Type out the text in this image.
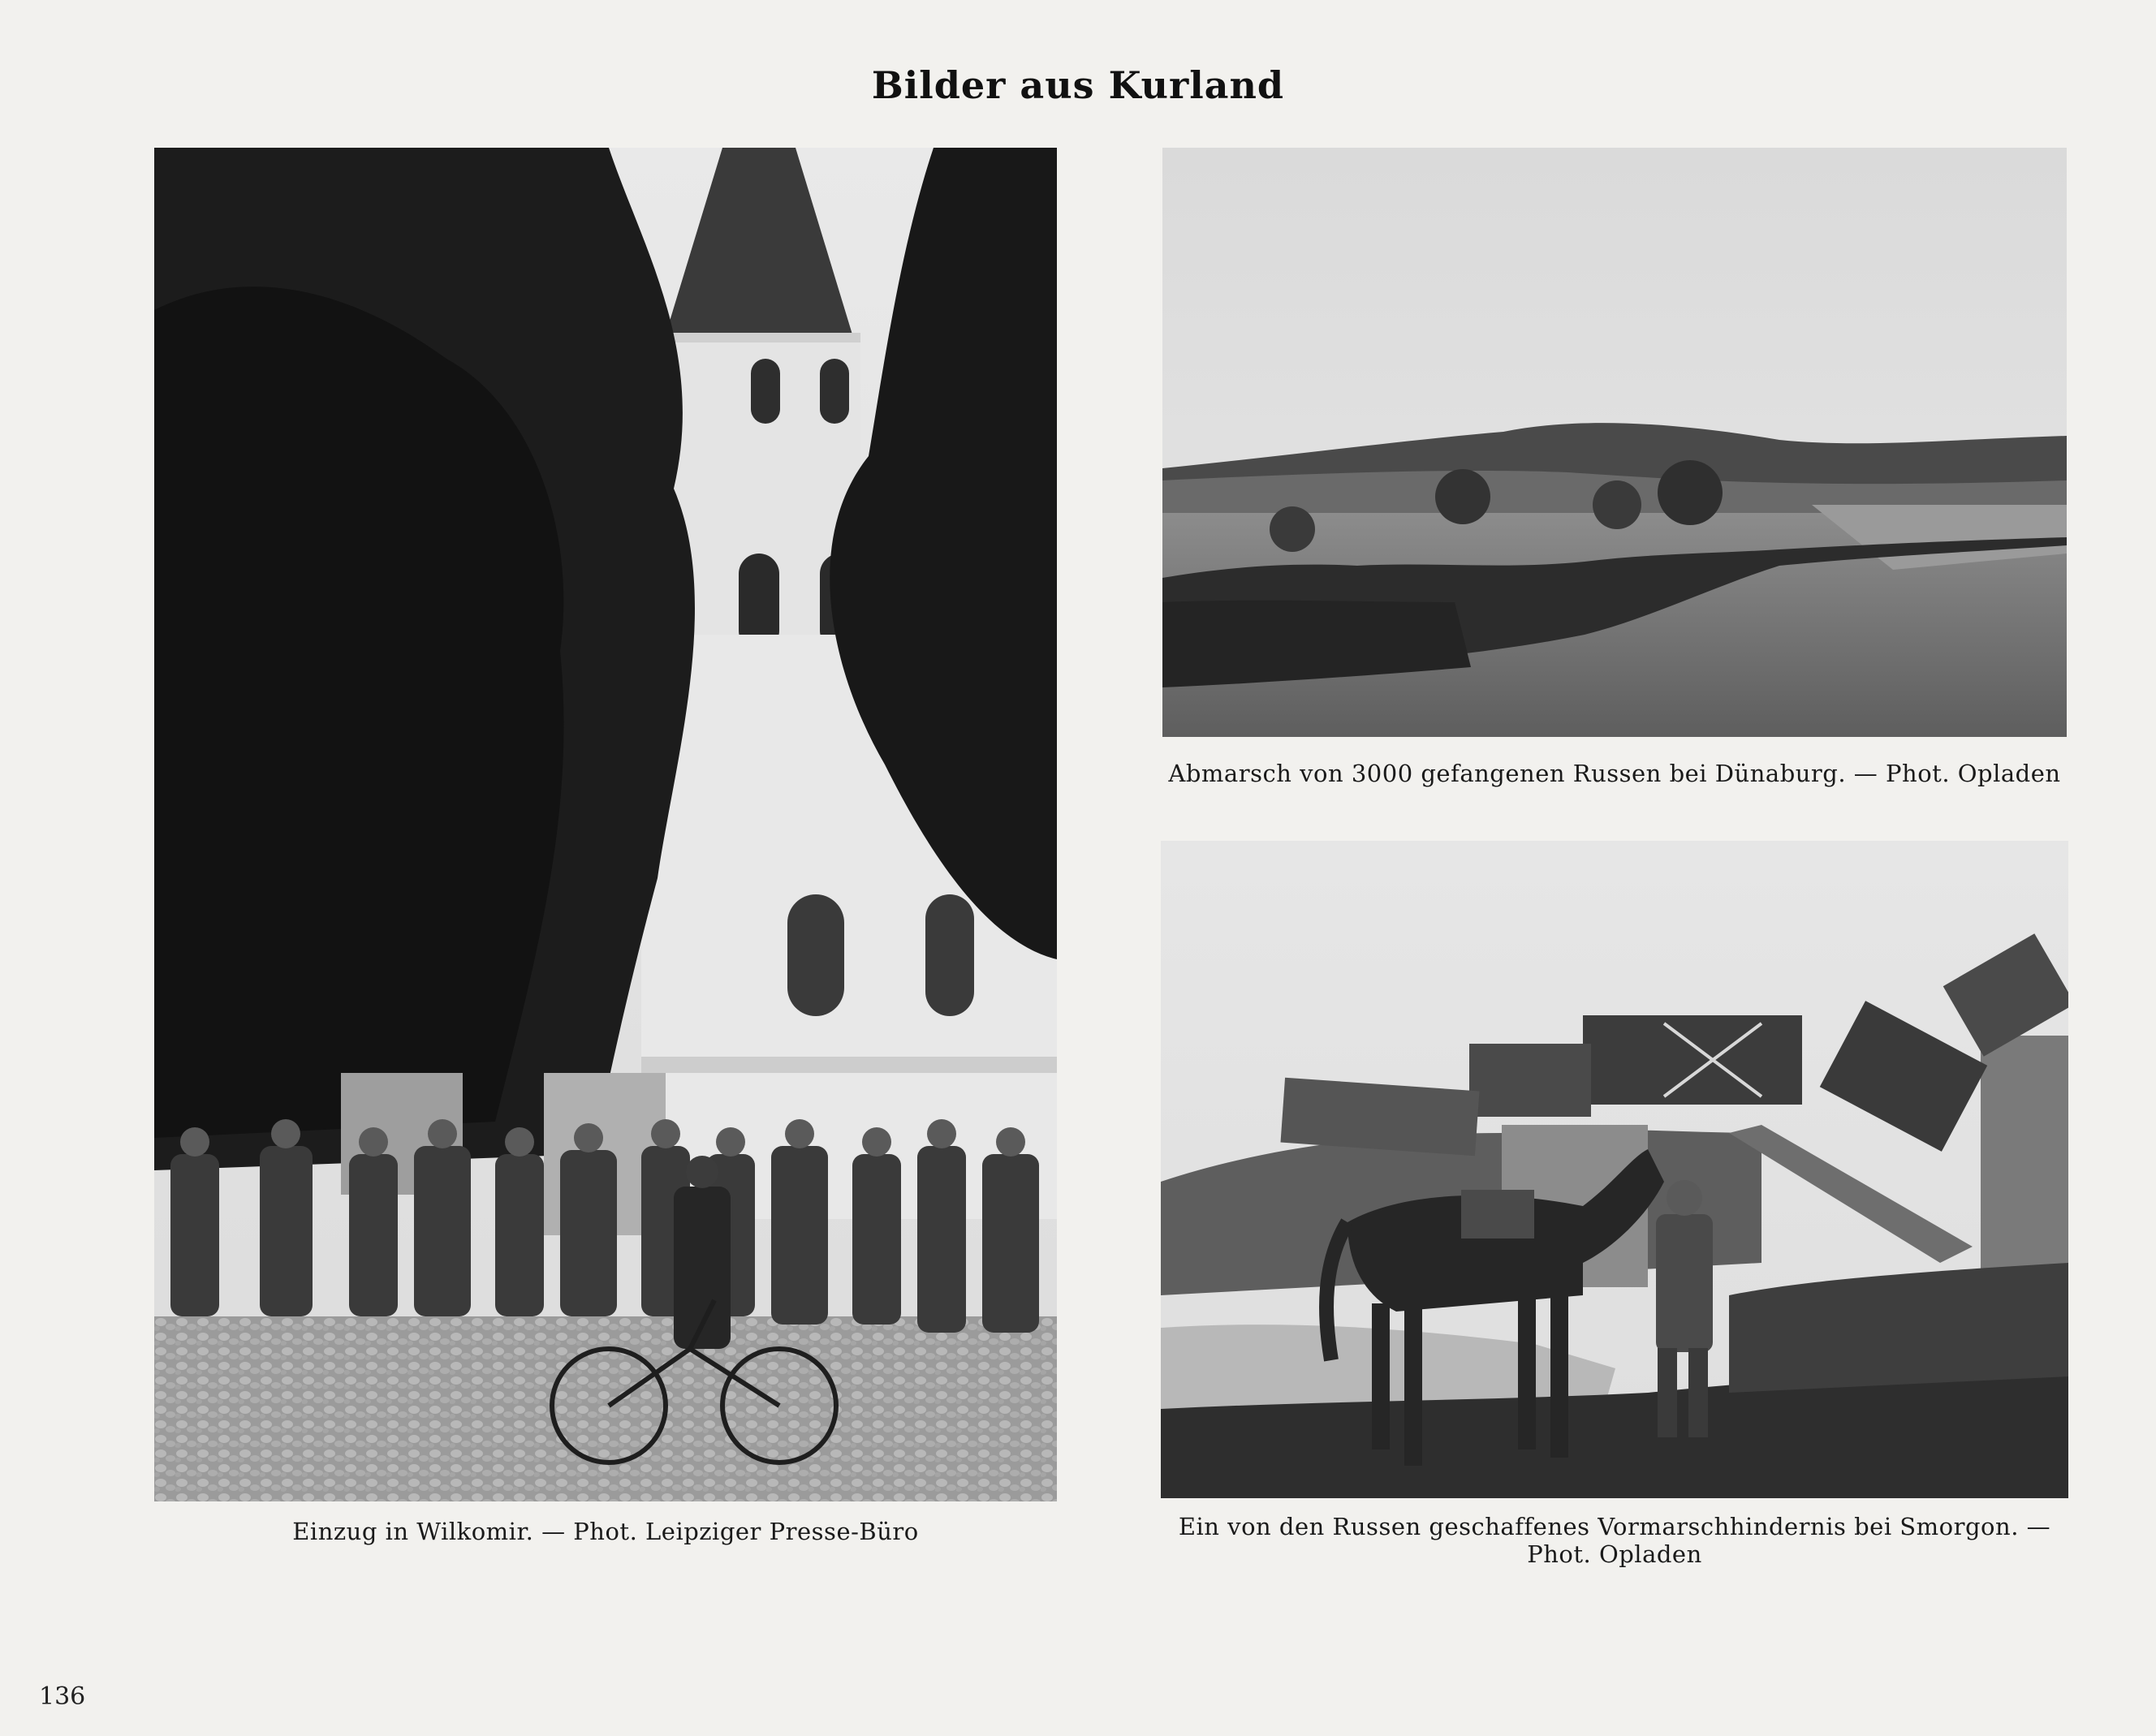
Bilder aus Kurland
Einzug in Wilkomir. — Phot. Leipziger Presse-Büro
Abmarsch von 3000 gefangenen Russen bei Dünaburg. — Phot. Opladen
Ein von den Russen geschaffenes Vormarschhindernis bei Smorgon. — Phot. Opladen
136
